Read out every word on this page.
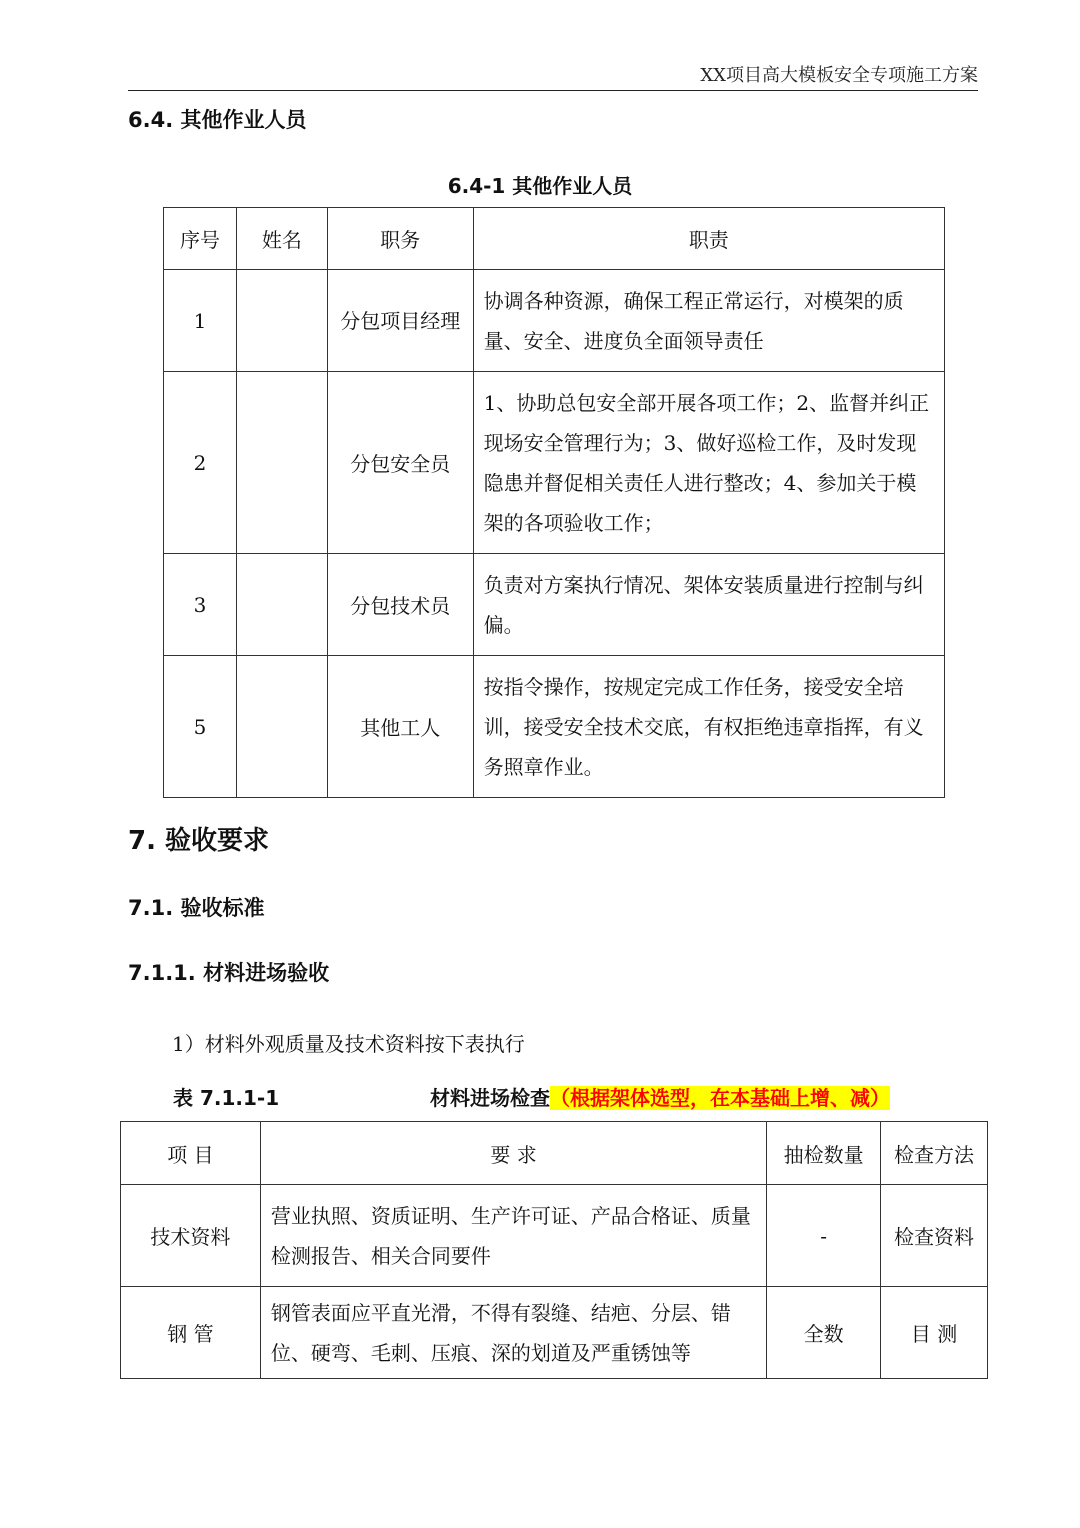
XX项目高大模板安全专项施工方案
6.4. 其他作业人员
6.4-1 其他作业人员
序号	姓名	职务	职责
1		分包项目经理	协调各种资源，确保工程正常运行，对模架的质量、安全、进度负全面领导责任
2		分包安全员	1、协助总包安全部开展各项工作；2、监督并纠正现场安全管理行为；3、做好巡检工作，及时发现隐患并督促相关责任人进行整改；4、参加关于模架的各项验收工作；
3		分包技术员	负责对方案执行情况、架体安装质量进行控制与纠偏。
5		其他工人	按指令操作，按规定完成工作任务，接受安全培训，接受安全技术交底，有权拒绝违章指挥，有义务照章作业。
7. 验收要求
7.1. 验收标准
7.1.1. 材料进场验收
1）材料外观质量及技术资料按下表执行
表 7.1.1-1	材料进场检查（根据架体选型，在本基础上增、减）
项 目	要 求	抽检数量	检查方法
技术资料	营业执照、资质证明、生产许可证、产品合格证、质量检测报告、相关合同要件	-	检查资料
钢 管	钢管表面应平直光滑，不得有裂缝、结疤、分层、错位、硬弯、毛刺、压痕、深的划道及严重锈蚀等	全数	目 测
